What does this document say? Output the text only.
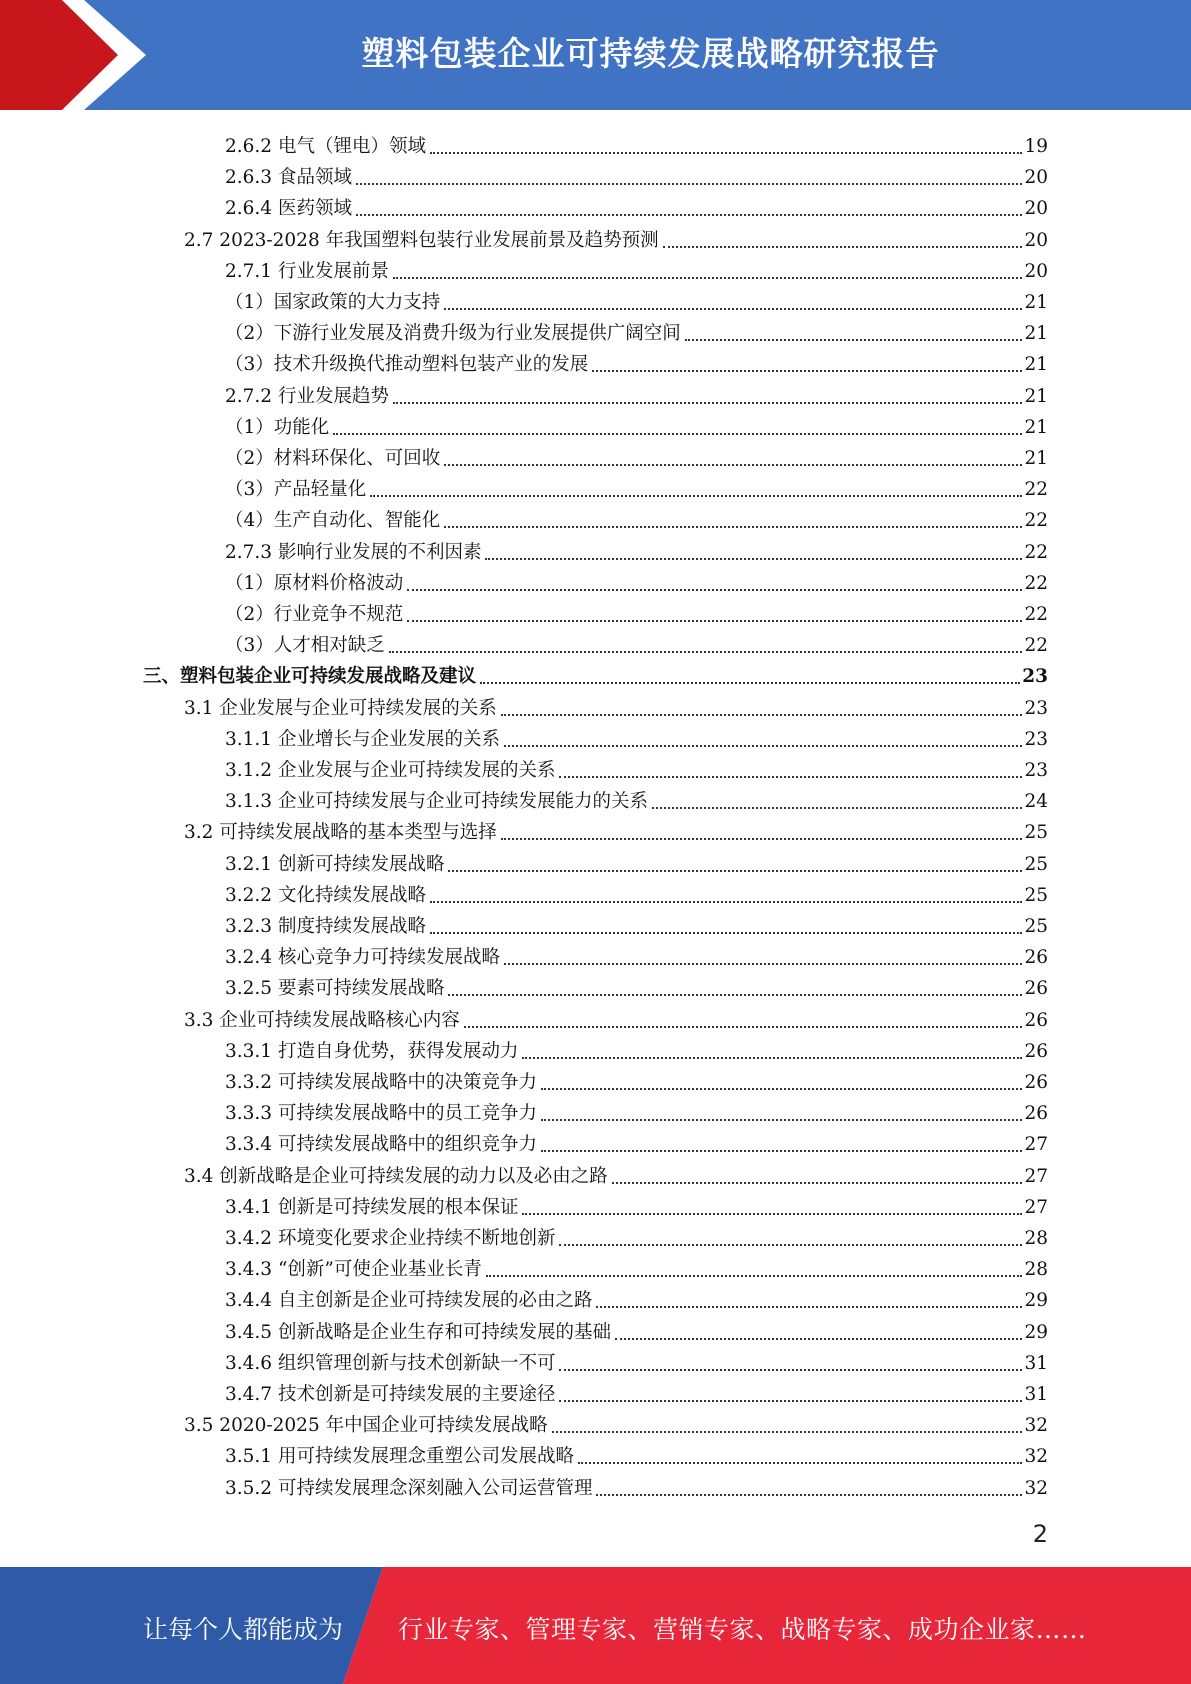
塑料包装企业可持续发展战略研究报告
2.6.2 电气（锂电）领域	19
2.6.3 食品领域	20
2.6.4 医药领域	20
2.7 2023-2028 年我国塑料包装行业发展前景及趋势预测	20
2.7.1 行业发展前景	20
（1）国家政策的大力支持	21
（2）下游行业发展及消费升级为行业发展提供广阔空间	21
（3）技术升级换代推动塑料包装产业的发展	21
2.7.2 行业发展趋势	21
（1）功能化	21
（2）材料环保化、可回收	21
（3）产品轻量化	22
（4）生产自动化、智能化	22
2.7.3 影响行业发展的不利因素	22
（1）原材料价格波动	22
（2）行业竞争不规范	22
（3）人才相对缺乏	22
三、塑料包装企业可持续发展战略及建议	23
3.1 企业发展与企业可持续发展的关系	23
3.1.1 企业增长与企业发展的关系	23
3.1.2 企业发展与企业可持续发展的关系	23
3.1.3 企业可持续发展与企业可持续发展能力的关系	24
3.2 可持续发展战略的基本类型与选择	25
3.2.1 创新可持续发展战略	25
3.2.2 文化持续发展战略	25
3.2.3 制度持续发展战略	25
3.2.4 核心竞争力可持续发展战略	26
3.2.5 要素可持续发展战略	26
3.3 企业可持续发展战略核心内容	26
3.3.1 打造自身优势，获得发展动力	26
3.3.2 可持续发展战略中的决策竞争力	26
3.3.3 可持续发展战略中的员工竞争力	26
3.3.4 可持续发展战略中的组织竞争力	27
3.4 创新战略是企业可持续发展的动力以及必由之路	27
3.4.1 创新是可持续发展的根本保证	27
3.4.2 环境变化要求企业持续不断地创新	28
3.4.3 “创新”可使企业基业长青	28
3.4.4 自主创新是企业可持续发展的必由之路	29
3.4.5 创新战略是企业生存和可持续发展的基础	29
3.4.6 组织管理创新与技术创新缺一不可	31
3.4.7 技术创新是可持续发展的主要途径	31
3.5 2020-2025 年中国企业可持续发展战略	32
3.5.1 用可持续发展理念重塑公司发展战略	32
3.5.2 可持续发展理念深刻融入公司运营管理	32
2
让每个人都能成为 行业专家、管理专家、营销专家、战略专家、成功企业家……
